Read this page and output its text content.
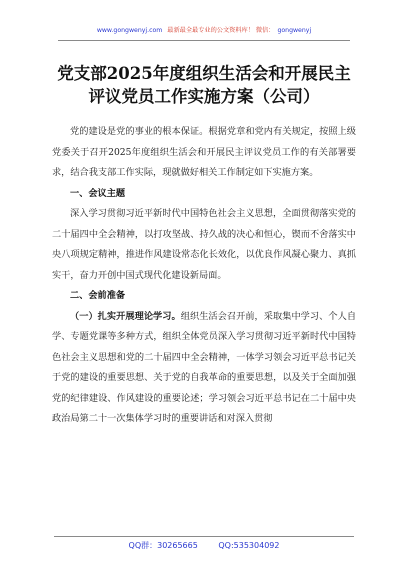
www.gongwenyj.com 最新最全最专业的公文资料库！ 微信： gongwenyj
党支部2025年度组织生活会和开展民主
评议党员工作实施方案（公司）

党的建设是党的事业的根本保证。根据党章和党内有关规定，按照上级党委关于召开2025年度组织生活会和开展民主评议党员工作的有关部署要求，结合我支部工作实际，现就做好相关工作制定如下实施方案。

一、会议主题

深入学习贯彻习近平新时代中国特色社会主义思想，全面贯彻落实党的二十届四中全会精神，以打攻坚战、持久战的决心和恒心，锲而不舍落实中央八项规定精神，推进作风建设常态化长效化，以优良作风凝心聚力、真抓实干，奋力开创中国式现代化建设新局面。

二、会前准备

（一）扎实开展理论学习。组织生活会召开前，采取集中学习、个人自学、专题党课等多种方式，组织全体党员深入学习贯彻习近平新时代中国特色社会主义思想和党的二十届四中全会精神，一体学习领会习近平总书记关于党的建设的重要思想、关于党的自我革命的重要思想，以及关于全面加强党的纪律建设、作风建设的重要论述；学习领会习近平总书记在二十届中央政治局第二十一次集体学习时的重要讲话和对深入贯彻

QQ群：30265665	QQ:535304092
